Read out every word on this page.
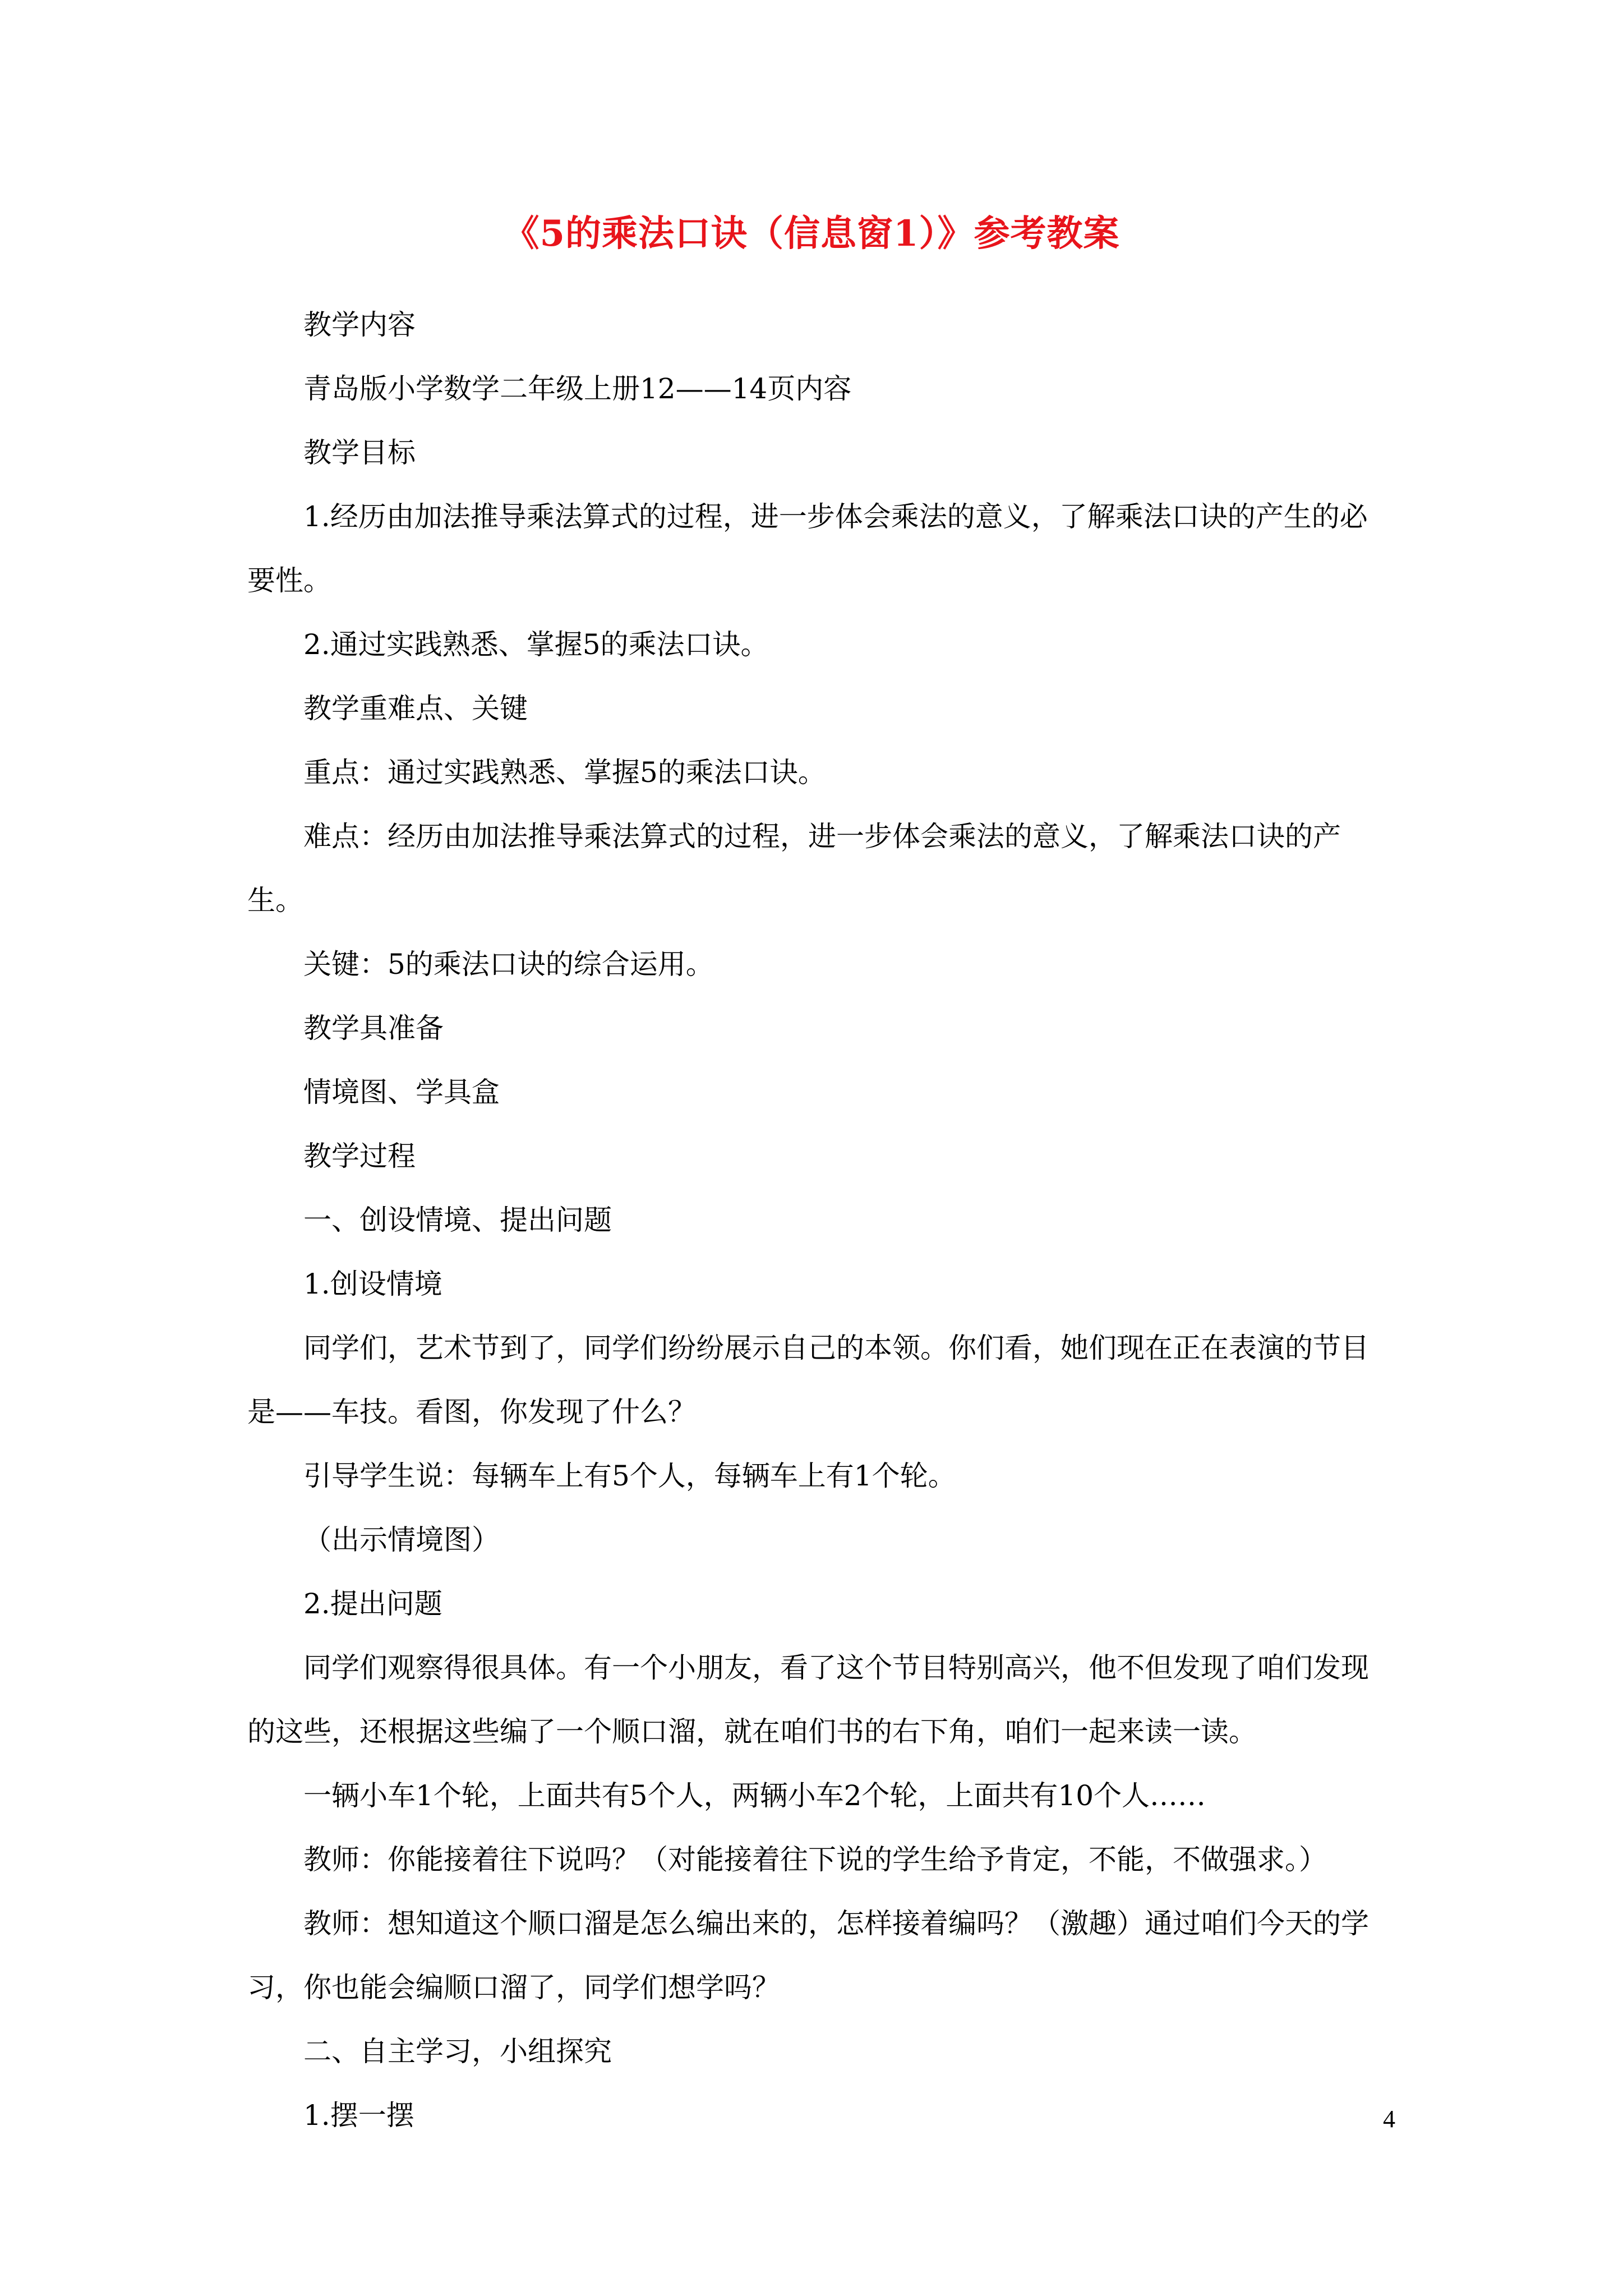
《5的乘法口诀（信息窗1）》参考教案

教学内容

青岛版小学数学二年级上册12——14页内容

教学目标

1.经历由加法推导乘法算式的过程，进一步体会乘法的意义，了解乘法口诀的产生的必要性。

2.通过实践熟悉、掌握5的乘法口诀。

教学重难点、关键

重点：通过实践熟悉、掌握5的乘法口诀。

难点：经历由加法推导乘法算式的过程，进一步体会乘法的意义，了解乘法口诀的产生。

关键：5的乘法口诀的综合运用。

教学具准备

情境图、学具盒

教学过程

一、创设情境、提出问题

1.创设情境

同学们，艺术节到了，同学们纷纷展示自己的本领。你们看，她们现在正在表演的节目是——车技。看图，你发现了什么？

引导学生说：每辆车上有5个人，每辆车上有1个轮。

（出示情境图）

2.提出问题

同学们观察得很具体。有一个小朋友，看了这个节目特别高兴，他不但发现了咱们发现的这些，还根据这些编了一个顺口溜，就在咱们书的右下角，咱们一起来读一读。

一辆小车1个轮，上面共有5个人，两辆小车2个轮，上面共有10个人……

教师：你能接着往下说吗？（对能接着往下说的学生给予肯定，不能，不做强求。）

教师：想知道这个顺口溜是怎么编出来的，怎样接着编吗？（激趣）通过咱们今天的学习，你也能会编顺口溜了，同学们想学吗？

二、自主学习，小组探究

1.摆一摆	4
